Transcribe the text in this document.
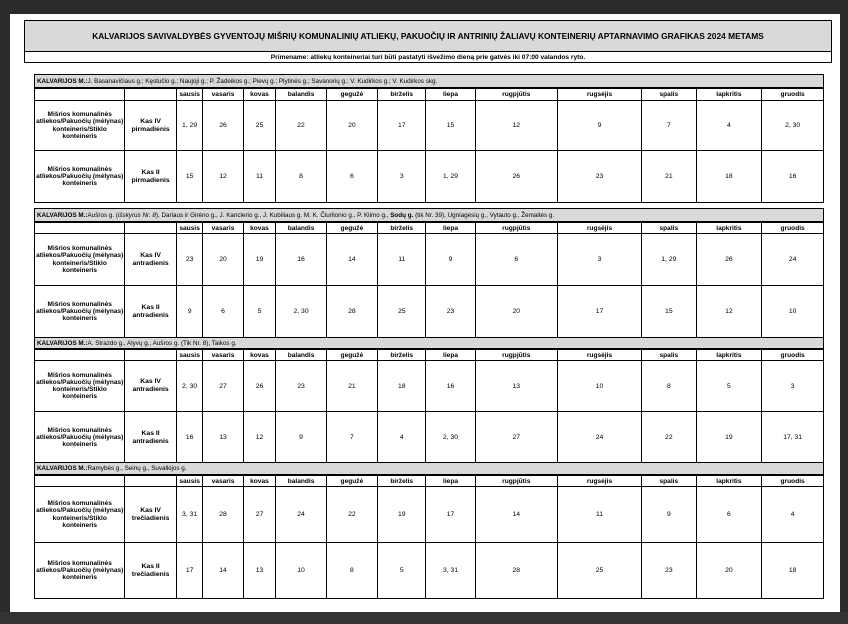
KALVARIJOS SAVIVALDYBĖS GYVENTOJŲ MIŠRIŲ KOMUNALINIŲ ATLIEKŲ, PAKUOČIŲ IR ANTRINIŲ ŽALIAVŲ KONTEINERIŲ APTARNAVIMO GRAFIKAS 2024 METAMS
Primename: atliekų konteineriai turi būti pastatyti išvežimo dieną prie gatvės iki 07:00 valandos ryto.
KALVARIJOS M.: J. Basanavičiaus g.; Kęstučio g.; Naujoji g.; P. Žadeikos g.; Pievų g.; Plytinės g.; Savanorių g.; V. Kudirkos g.; V. Kudirkos skg.
		sausis	vasaris	kovas	balandis	gegužė	birželis	liepa	rugpjūtis	rugsėjis	spalis	lapkritis	gruodis
Mišrios komunalinės atliekos/Pakuočių (mėlynas) konteineris/Stiklo konteineris	Kas IV pirmadienis	1, 29	26	25	22	20	17	15	12	9	7	4	2, 30
Mišrios komunalinės atliekos/Pakuočių (mėlynas) konteineris	Kas II pirmadienis	15	12	11	8	6	3	1, 29	26	23	21	18	16
KALVARIJOS M.: Aušros g. (išskyrus Nr. 8), Dariaus ir Girėno g., J. Kanclerio g., J. Kubiliaus g. M. K. Čiurlionio g., P. Klimo g., Sodų g. (tik Nr. 39), Ugniagesių g., Vytauto g., Žemaitės g.
		sausis	vasaris	kovas	balandis	gegužė	birželis	liepa	rugpjūtis	rugsėjis	spalis	lapkritis	gruodis
Mišrios komunalinės atliekos/Pakuočių (mėlynas) konteineris/Stiklo konteineris	Kas IV antradienis	23	20	19	16	14	11	9	6	3	1, 29	26	24
Mišrios komunalinės atliekos/Pakuočių (mėlynas) konteineris	Kas II antradienis	9	6	5	2, 30	28	25	23	20	17	15	12	10
KALVARIJOS M.: A. Strazdo g., Alyvų g., Aušros g. (Tik Nr. 8), Taikos g.
		sausis	vasaris	kovas	balandis	gegužė	birželis	liepa	rugpjūtis	rugsėjis	spalis	lapkritis	gruodis
Mišrios komunalinės atliekos/Pakuočių (mėlynas) konteineris/Stiklo konteineris	Kas IV antradienis	2, 30	27	26	23	21	18	16	13	10	8	5	3
Mišrios komunalinės atliekos/Pakuočių (mėlynas) konteineris	Kas II antradienis	16	13	12	9	7	4	2, 30	27	24	22	19	17, 31
KALVARIJOS M.: Ramybės g., Seinų g., Suvalkijos g.
		sausis	vasaris	kovas	balandis	gegužė	birželis	liepa	rugpjūtis	rugsėjis	spalis	lapkritis	gruodis
Mišrios komunalinės atliekos/Pakuočių (mėlynas) konteineris/Stiklo konteineris	Kas IV trečiadienis	3, 31	28	27	24	22	19	17	14	11	9	6	4
Mišrios komunalinės atliekos/Pakuočių (mėlynas) konteineris	Kas II trečiadienis	17	14	13	10	8	5	3, 31	28	25	23	20	18
